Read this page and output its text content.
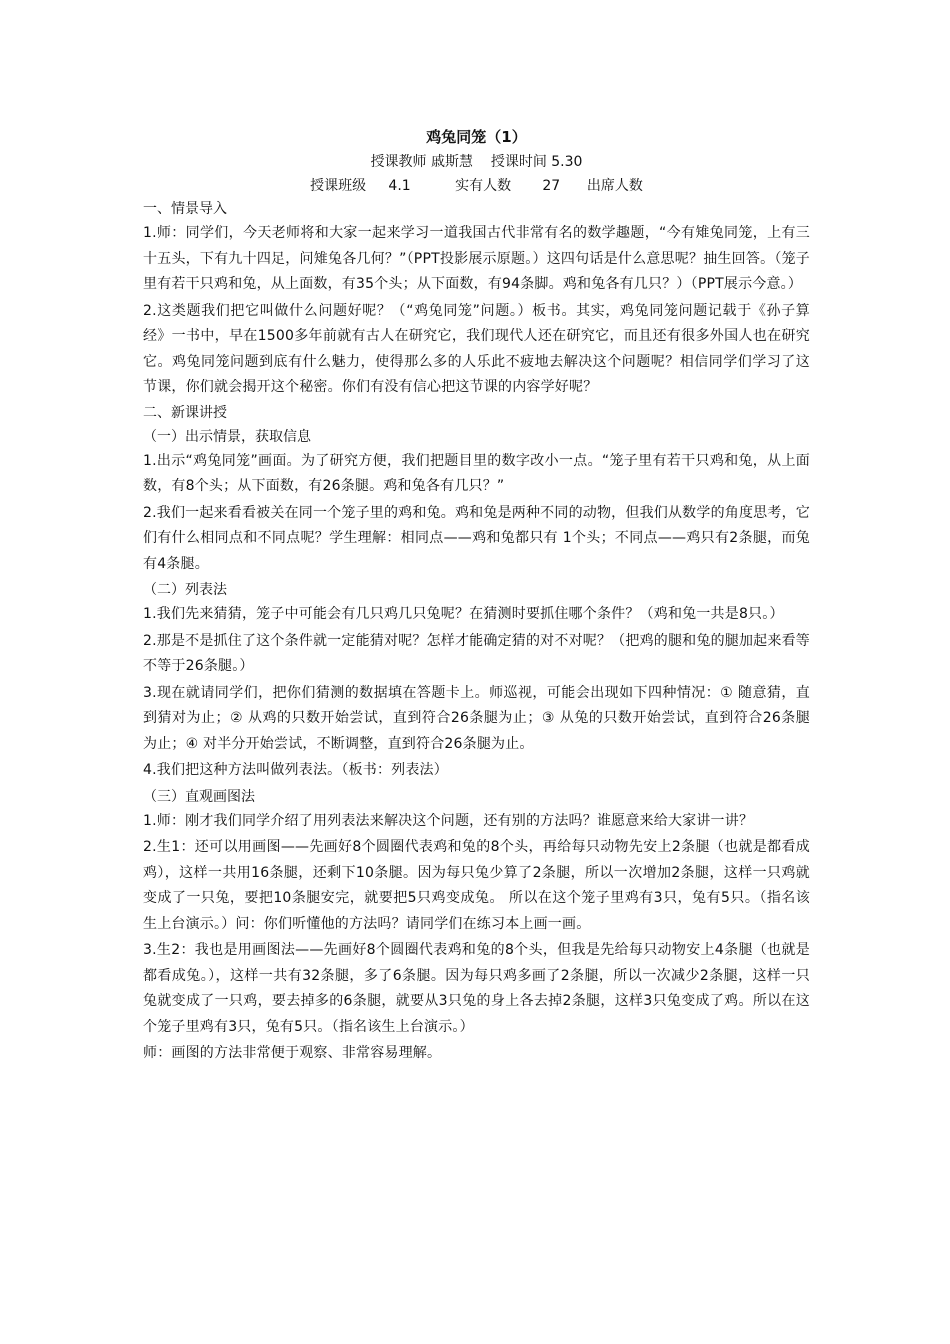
鸡兔同笼（1）
授课教师 戚斯慧    授课时间 5.30
授课班级     4.1          实有人数       27      出席人数
一、情景导入

1.师：同学们，今天老师将和大家一起来学习一道我国古代非常有名的数学趣题，“今有雉兔同笼，上有三十五头，下有九十四足，问雉兔各几何？”（PPT投影展示原题。）这四句话是什么意思呢？抽生回答。（笼子里有若干只鸡和兔，从上面数，有35个头；从下面数，有94条脚。鸡和兔各有几只？）（PPT展示今意。）

2.这类题我们把它叫做什么问题好呢？（“鸡兔同笼”问题。）板书。其实，鸡兔同笼问题记载于《孙子算经》一书中，早在1500多年前就有古人在研究它，我们现代人还在研究它，而且还有很多外国人也在研究它。鸡兔同笼问题到底有什么魅力，使得那么多的人乐此不疲地去解决这个问题呢？相信同学们学习了这节课，你们就会揭开这个秘密。你们有没有信心把这节课的内容学好呢？

二、新课讲授
（一）出示情景，获取信息

1.出示“鸡兔同笼”画面。为了研究方便，我们把题目里的数字改小一点。“笼子里有若干只鸡和兔，从上面数，有8个头；从下面数，有26条腿。鸡和兔各有几只？”

2.我们一起来看看被关在同一个笼子里的鸡和兔。鸡和兔是两种不同的动物，但我们从数学的角度思考，它们有什么相同点和不同点呢？学生理解：相同点——鸡和兔都只有 1个头；不同点——鸡只有2条腿，而兔有4条腿。

（二）列表法

1.我们先来猜猜，笼子中可能会有几只鸡几只兔呢？在猜测时要抓住哪个条件？（鸡和兔一共是8只。）

2.那是不是抓住了这个条件就一定能猜对呢？怎样才能确定猜的对不对呢？（把鸡的腿和兔的腿加起来看等不等于26条腿。）

3.现在就请同学们，把你们猜测的数据填在答题卡上。师巡视，可能会出现如下四种情况：① 随意猜，直到猜对为止；② 从鸡的只数开始尝试，直到符合26条腿为止；③ 从兔的只数开始尝试，直到符合26条腿为止；④ 对半分开始尝试，不断调整，直到符合26条腿为止。

4.我们把这种方法叫做列表法。（板书：列表法）

（三）直观画图法

1.师：刚才我们同学介绍了用列表法来解决这个问题，还有别的方法吗？谁愿意来给大家讲一讲？

2.生1：还可以用画图——先画好8个圆圈代表鸡和兔的8个头，再给每只动物先安上2条腿（也就是都看成鸡），这样一共用16条腿，还剩下10条腿。因为每只兔少算了2条腿，所以一次增加2条腿，这样一只鸡就变成了一只兔，要把10条腿安完，就要把5只鸡变成兔。 所以在这个笼子里鸡有3只，兔有5只。（指名该生上台演示。）问：你们听懂他的方法吗？请同学们在练习本上画一画。

3.生2：我也是用画图法——先画好8个圆圈代表鸡和兔的8个头，但我是先给每只动物安上4条腿（也就是都看成兔。），这样一共有32条腿，多了6条腿。因为每只鸡多画了2条腿，所以一次减少2条腿，这样一只兔就变成了一只鸡，要去掉多的6条腿，就要从3只兔的身上各去掉2条腿，这样3只兔变成了鸡。所以在这个笼子里鸡有3只，兔有5只。（指名该生上台演示。）

师：画图的方法非常便于观察、非常容易理解。
